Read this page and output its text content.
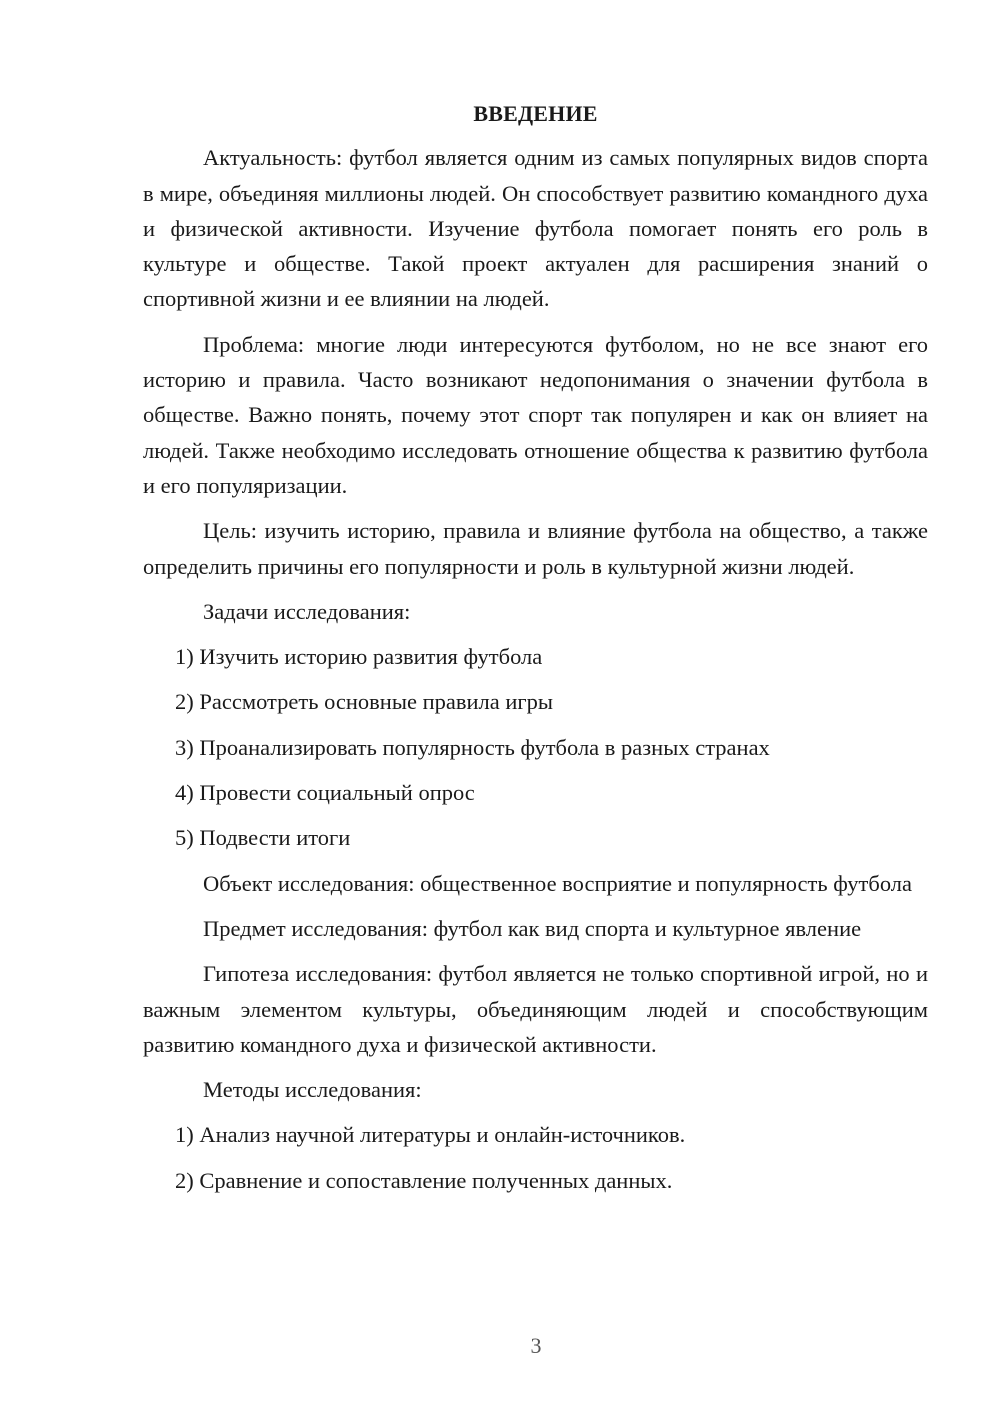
ВВЕДЕНИЕ

Актуальность: футбол является одним из самых популярных видов спорта в мире, объединяя миллионы людей. Он способствует развитию командного духа и физической активности. Изучение футбола помогает понять его роль в культуре и обществе. Такой проект актуален для расширения знаний о спортивной жизни и ее влиянии на людей.

Проблема: многие люди интересуются футболом, но не все знают его историю и правила. Часто возникают недопонимания о значении футбола в обществе. Важно понять, почему этот спорт так популярен и как он влияет на людей. Также необходимо исследовать отношение общества к развитию футбола и его популяризации.

Цель: изучить историю, правила и влияние футбола на общество, а также определить причины его популярности и роль в культурной жизни людей.

Задачи исследования:

1) Изучить историю развития футбола
2) Рассмотреть основные правила игры
3) Проанализировать популярность футбола в разных странах
4) Провести социальный опрос
5) Подвести итоги

Объект исследования: общественное восприятие и популярность футбола

Предмет исследования: футбол как вид спорта и культурное явление

Гипотеза исследования: футбол является не только спортивной игрой, но и важным элементом культуры, объединяющим людей и способствующим развитию командного духа и физической активности.

Методы исследования:

1) Анализ научной литературы и онлайн-источников.
2) Сравнение и сопоставление полученных данных.
3
